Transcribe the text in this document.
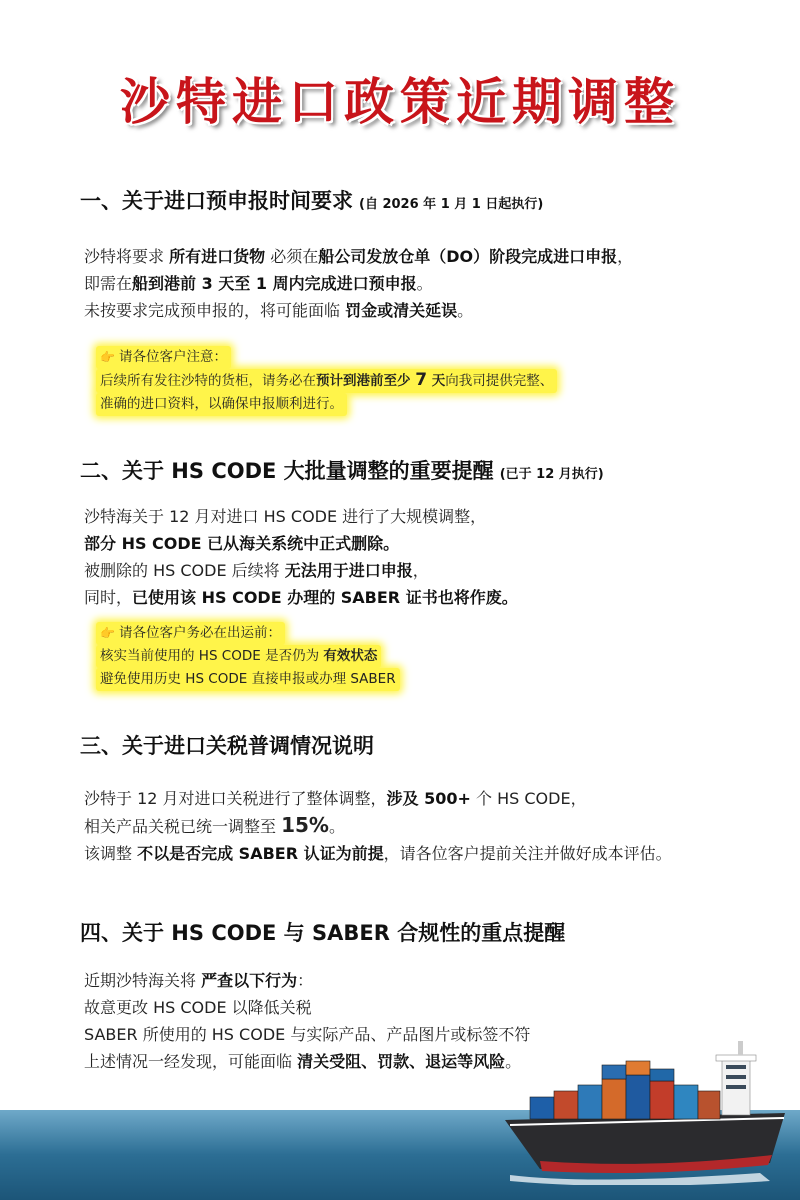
沙特进口政策近期调整
一、关于进口预申报时间要求 (自 2026 年 1 月 1 日起执行)
沙特将要求 所有进口货物 必须在船公司发放仓单（DO）阶段完成进口申报，
即需在船到港前 3 天至 1 周内完成进口预申报。
未按要求完成预申报的，将可能面临 罚金或清关延误。
👉 请各位客户注意：
后续所有发往沙特的货柜，请务必在预计到港前至少 7 天向我司提供完整、
准确的进口资料，以确保申报顺利进行。
二、关于 HS CODE 大批量调整的重要提醒 (已于 12 月执行)
沙特海关于 12 月对进口 HS CODE 进行了大规模调整，
部分 HS CODE 已从海关系统中正式删除。
被删除的 HS CODE 后续将 无法用于进口申报，
同时，已使用该 HS CODE 办理的 SABER 证书也将作废。
👉 请各位客户务必在出运前：
核实当前使用的 HS CODE 是否仍为 有效状态
避免使用历史 HS CODE 直接申报或办理 SABER
三、关于进口关税普调情况说明
沙特于 12 月对进口关税进行了整体调整，涉及 500+ 个 HS CODE，
相关产品关税已统一调整至 15%。
该调整 不以是否完成 SABER 认证为前提，请各位客户提前关注并做好成本评估。
四、关于 HS CODE 与 SABER 合规性的重点提醒
近期沙特海关将 严查以下行为：
故意更改 HS CODE 以降低关税
SABER 所使用的 HS CODE 与实际产品、产品图片或标签不符
上述情况一经发现，可能面临 清关受阻、罚款、退运等风险。
